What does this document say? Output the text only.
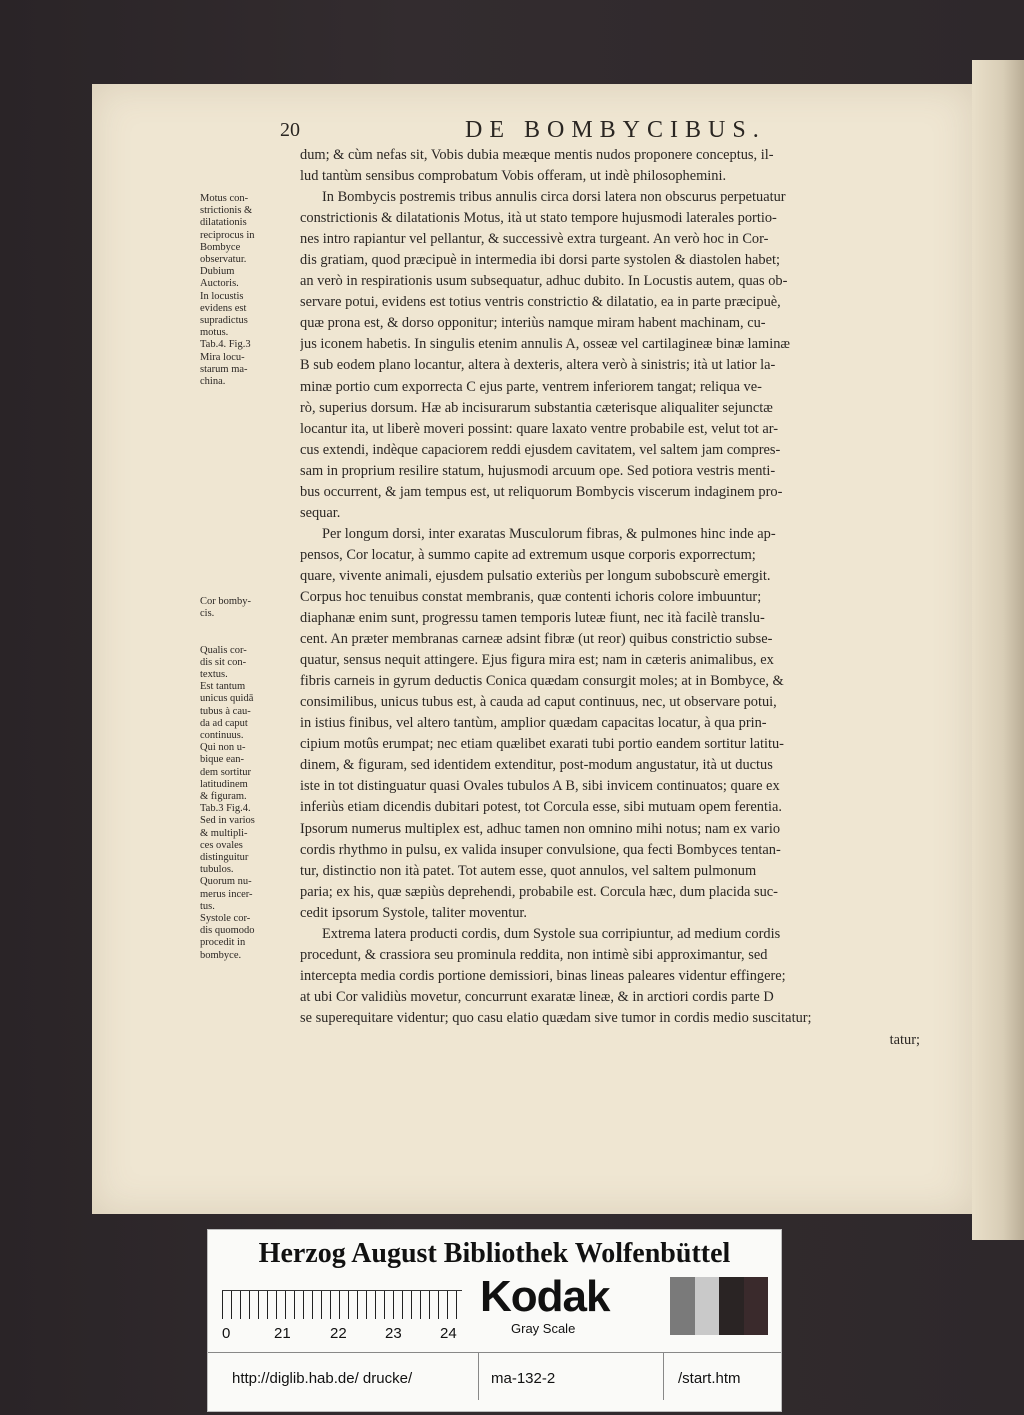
20	DE BOMBYCIBUS.
dum; & cùm nefas sit, Vobis dubia meæque mentis nudos proponere conceptus, il-
lud tantùm sensibus comprobatum Vobis offeram, ut indè philosophemini.
In Bombycis postremis tribus annulis circa dorsi latera non obscurus perpetuatur
constrictionis & dilatationis Motus, ità ut stato tempore hujusmodi laterales portio-
nes intro rapiantur vel pellantur, & successivè extra turgeant. An verò hoc in Cor-
dis gratiam, quod præcipuè in intermedia ibi dorsi parte systolen & diastolen habet;
an verò in respirationis usum subsequatur, adhuc dubito. In Locustis autem, quas ob-
servare potui, evidens est totius ventris constrictio & dilatatio, ea in parte præcipuè,
quæ prona est, & dorso opponitur; interiùs namque miram habent machinam, cu-
jus iconem habetis. In singulis etenim annulis A, osseæ vel cartilagineæ binæ laminæ
B sub eodem plano locantur, altera à dexteris, altera verò à sinistris; ità ut latior la-
minæ portio cum exporrecta C ejus parte, ventrem inferiorem tangat; reliqua ve-
rò, superius dorsum. Hæ ab incisurarum substantia cæterisque aliqualiter sejunctæ
locantur ita, ut liberè moveri possint: quare laxato ventre probabile est, velut tot ar-
cus extendi, indèque capaciorem reddi ejusdem cavitatem, vel saltem jam compres-
sam in proprium resilire statum, hujusmodi arcuum ope. Sed potiora vestris menti-
bus occurrent, & jam tempus est, ut reliquorum Bombycis viscerum indaginem pro-
sequar.
Per longum dorsi, inter exaratas Musculorum fibras, & pulmones hinc inde ap-
pensos, Cor locatur, à summo capite ad extremum usque corporis exporrectum;
quare, vivente animali, ejusdem pulsatio exteriùs per longum subobscurè emergit.
Corpus hoc tenuibus constat membranis, quæ contenti ichoris colore imbuuntur;
diaphanæ enim sunt, progressu tamen temporis luteæ fiunt, nec ità facilè translu-
cent. An præter membranas carneæ adsint fibræ (ut reor) quibus constrictio subse-
quatur, sensus nequit attingere. Ejus figura mira est; nam in cæteris animalibus, ex
fibris carneis in gyrum deductis Conica quædam consurgit moles; at in Bombyce, &
consimilibus, unicus tubus est, à cauda ad caput continuus, nec, ut observare potui,
in istius finibus, vel altero tantùm, amplior quædam capacitas locatur, à qua prin-
cipium motûs erumpat; nec etiam quælibet exarati tubi portio eandem sortitur latitu-
dinem, & figuram, sed identidem extenditur, post-modum angustatur, ità ut ductus
iste in tot distinguatur quasi Ovales tubulos A B, sibi invicem continuatos; quare ex
inferiùs etiam dicendis dubitari potest, tot Corcula esse, sibi mutuam opem ferentia.
Ipsorum numerus multiplex est, adhuc tamen non omnino mihi notus; nam ex vario
cordis rhythmo in pulsu, ex valida insuper convulsione, qua fecti Bombyces tentan-
tur, distinctio non ità patet. Tot autem esse, quot annulos, vel saltem pulmonum
paria; ex his, quæ sæpiùs deprehendi, probabile est. Corcula hæc, dum placida suc-
cedit ipsorum Systole, taliter moventur.
Extrema latera producti cordis, dum Systole sua corripiuntur, ad medium cordis
procedunt, & crassiora seu prominula reddita, non intimè sibi approximantur, sed
intercepta media cordis portione demissiori, binas lineas paleares videntur effingere;
at ubi Cor validiùs movetur, concurrunt exaratæ lineæ, & in arctiori cordis parte D
se superequitare videntur; quo casu elatio quædam sive tumor in cordis medio suscitatur;
tatur;
Motus con-
strictionis &
dilatationis
reciprocus in
Bombyce
observatur.
Dubium
Auctoris.
In locustis
evidens est
supradictus
motus.
Tab.4. Fig.3
Mira locu-
starum ma-
china.

Cor bomby-
cis.

Qualis cor-
dis sit con-
textus.
Est tantum
unicus quidā
tubus à cau-
da ad caput
continuus.
Qui non u-
bique ean-
dem sortitur
latitudinem
& figuram.
Tab.3 Fig.4.
Sed in varios
& multipli-
ces ovales
distinguitur
tubulos.
Quorum nu-
merus incer-
tus.
Systole cor-
dis quomodo
procedit in
bombyce.
Herzog August Bibliothek Wolfenbüttel
0	21	22	23	24
Kodak
Gray Scale
http://diglib.hab.de/ drucke/	ma-132-2	/start.htm
